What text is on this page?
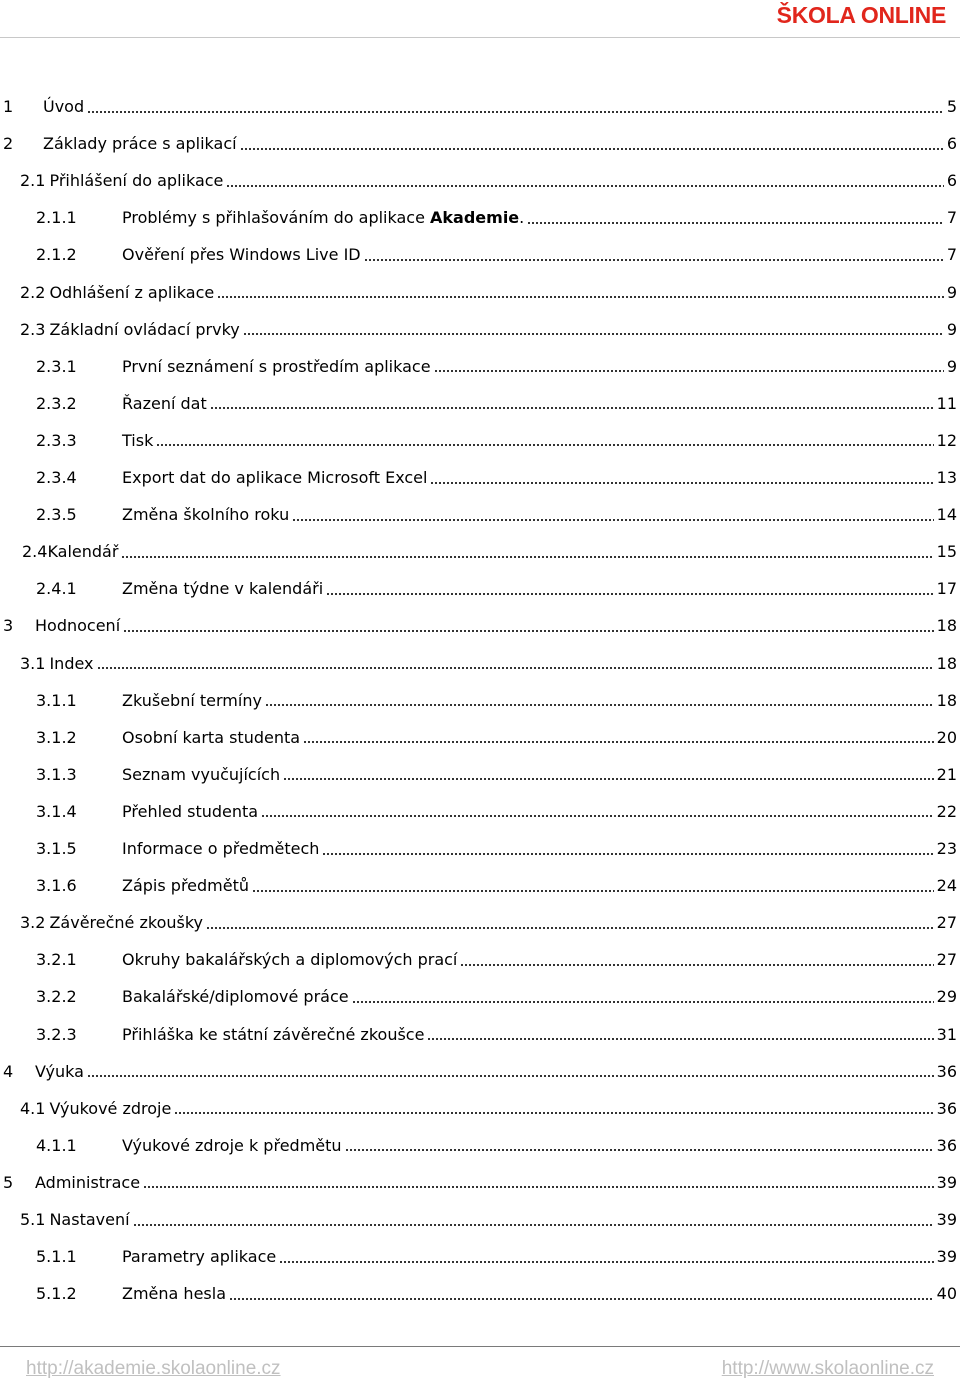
ŠKOLA ONLINE
1	Úvod	5
2	Základy práce s aplikací	6
2.1 Přihlášení do aplikace	6
2.1.1	Problémy s přihlašováním do aplikace Akademie.	7
2.1.2	Ověření přes Windows Live ID	7
2.2 Odhlášení z aplikace	9
2.3 Základní ovládací prvky	9
2.3.1	První seznámení s prostředím aplikace	9
2.3.2	Řazení dat	11
2.3.3	Tisk	12
2.3.4	Export dat do aplikace Microsoft Excel	13
2.3.5	Změna školního roku	14
2.4 Kalendář	15
2.4.1	Změna týdne v kalendáři	17
3	Hodnocení	18
3.1 Index	18
3.1.1	Zkušební termíny	18
3.1.2	Osobní karta studenta	20
3.1.3	Seznam vyučujících	21
3.1.4	Přehled studenta	22
3.1.5	Informace o předmětech	23
3.1.6	Zápis předmětů	24
3.2 Závěrečné zkoušky	27
3.2.1	Okruhy bakalářských a diplomových prací	27
3.2.2	Bakalářské/diplomové práce	29
3.2.3	Přihláška ke státní závěrečné zkoušce	31
4	Výuka	36
4.1 Výukové zdroje	36
4.1.1	Výukové zdroje k předmětu	36
5	Administrace	39
5.1 Nastavení	39
5.1.1	Parametry aplikace	39
5.1.2	Změna hesla	40
http://akademie.skolaonline.cz	http://www.skolaonline.cz
